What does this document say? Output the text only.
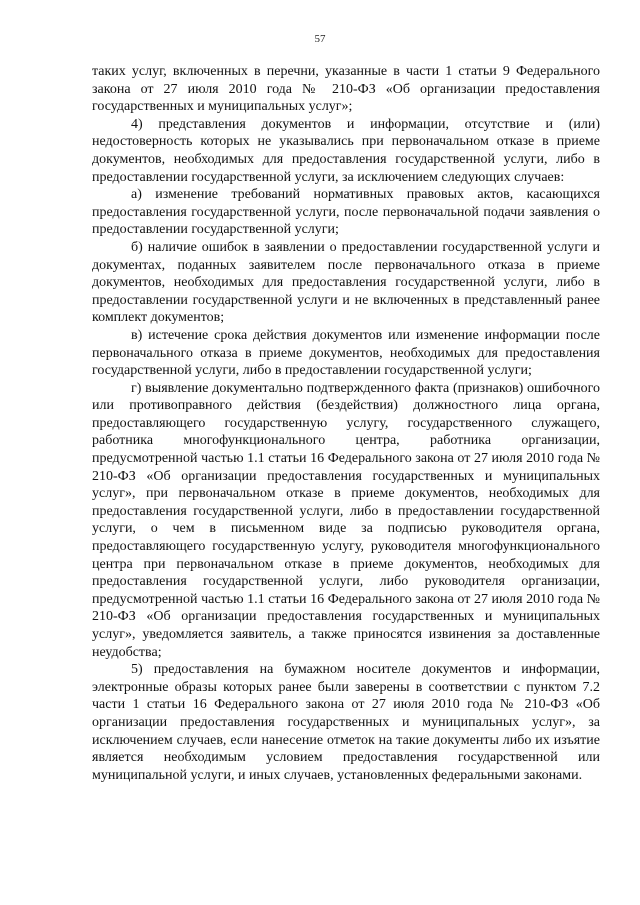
57

таких услуг, включенных в перечни, указанные в части 1 статьи 9 Федерального закона от 27 июля 2010 года № 210-ФЗ «Об организации предоставления государственных и муниципальных услуг»;

4) представления документов и информации, отсутствие и (или) недостоверность которых не указывались при первоначальном отказе в приеме документов, необходимых для предоставления государственной услуги, либо в предоставлении государственной услуги, за исключением следующих случаев:

а) изменение требований нормативных правовых актов, касающихся предоставления государственной услуги, после первоначальной подачи заявления о предоставлении государственной услуги;

б) наличие ошибок в заявлении о предоставлении государственной услуги и документах, поданных заявителем после первоначального отказа в приеме документов, необходимых для предоставления государственной услуги, либо в предоставлении государственной услуги и не включенных в представленный ранее комплект документов;

в) истечение срока действия документов или изменение информации после первоначального отказа в приеме документов, необходимых для предоставления государственной услуги, либо в предоставлении государственной услуги;

г) выявление документально подтвержденного факта (признаков) ошибочного или противоправного действия (бездействия) должностного лица органа, предоставляющего государственную услугу, государственного служащего, работника многофункционального центра, работника организации, предусмотренной частью 1.1 статьи 16 Федерального закона от 27 июля 2010 года № 210-ФЗ «Об организации предоставления государственных и муниципальных услуг», при первоначальном отказе в приеме документов, необходимых для предоставления государственной услуги, либо в предоставлении государственной услуги, о чем в письменном виде за подписью руководителя органа, предоставляющего государственную услугу, руководителя многофункционального центра при первоначальном отказе в приеме документов, необходимых для предоставления государственной услуги, либо руководителя организации, предусмотренной частью 1.1 статьи 16 Федерального закона от 27 июля 2010 года № 210-ФЗ «Об организации предоставления государственных и муниципальных услуг», уведомляется заявитель, а также приносятся извинения за доставленные неудобства;

5) предоставления на бумажном носителе документов и информации, электронные образы которых ранее были заверены в соответствии с пунктом 7.2 части 1 статьи 16 Федерального закона от 27 июля 2010 года № 210-ФЗ «Об организации предоставления государственных и муниципальных услуг», за исключением случаев, если нанесение отметок на такие документы либо их изъятие является необходимым условием предоставления государственной или муниципальной услуги, и иных случаев, установленных федеральными законами.
